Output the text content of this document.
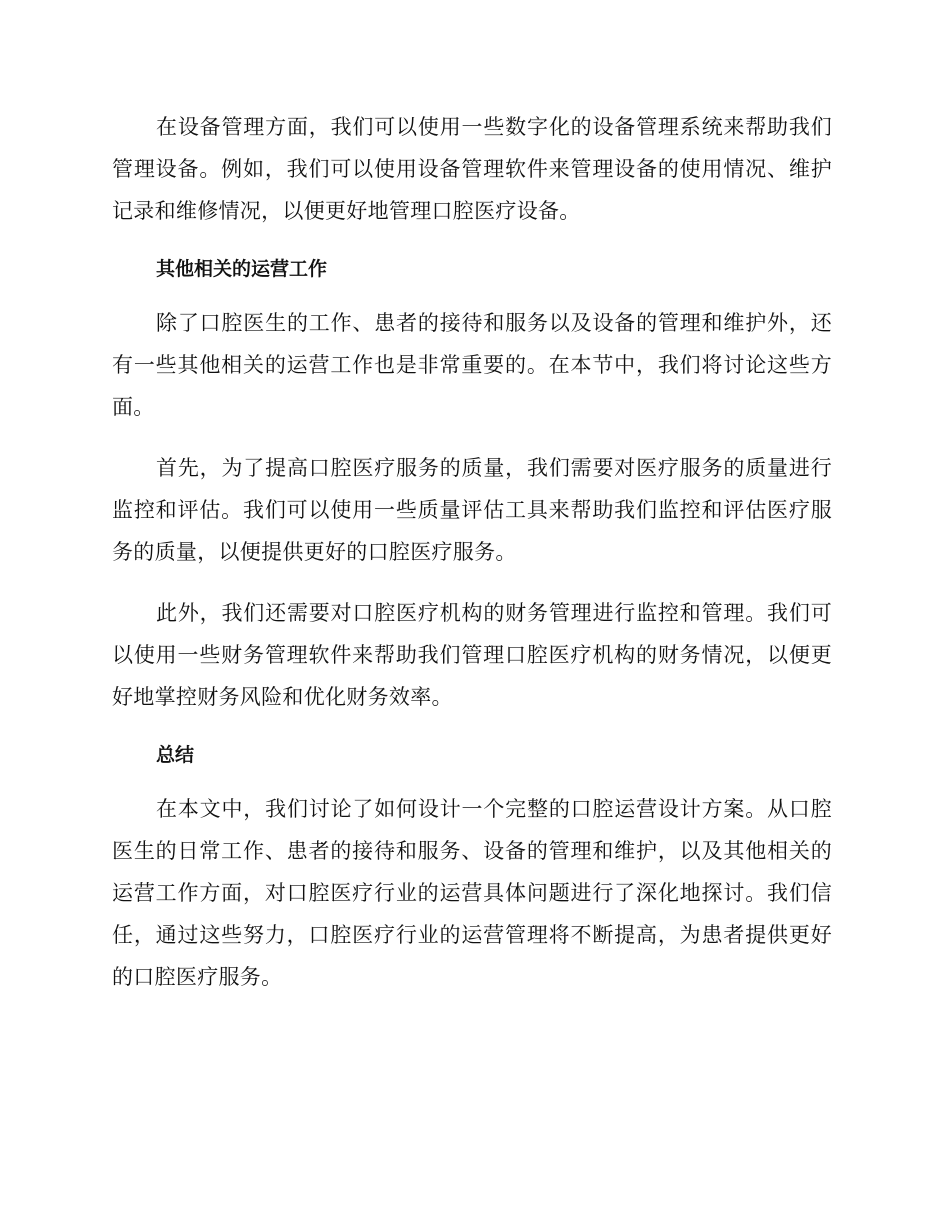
在设备管理方面，我们可以使用一些数字化的设备管理系统来帮助我们管理设备。例如，我们可以使用设备管理软件来管理设备的使用情况、维护记录和维修情况，以便更好地管理口腔医疗设备。

其他相关的运营工作

除了口腔医生的工作、患者的接待和服务以及设备的管理和维护外，还有一些其他相关的运营工作也是非常重要的。在本节中，我们将讨论这些方面。

首先，为了提高口腔医疗服务的质量，我们需要对医疗服务的质量进行监控和评估。我们可以使用一些质量评估工具来帮助我们监控和评估医疗服务的质量，以便提供更好的口腔医疗服务。

此外，我们还需要对口腔医疗机构的财务管理进行监控和管理。我们可以使用一些财务管理软件来帮助我们管理口腔医疗机构的财务情况，以便更好地掌控财务风险和优化财务效率。

总结

在本文中，我们讨论了如何设计一个完整的口腔运营设计方案。从口腔医生的日常工作、患者的接待和服务、设备的管理和维护，以及其他相关的运营工作方面，对口腔医疗行业的运营具体问题进行了深化地探讨。我们信任，通过这些努力，口腔医疗行业的运营管理将不断提高，为患者提供更好的口腔医疗服务。
